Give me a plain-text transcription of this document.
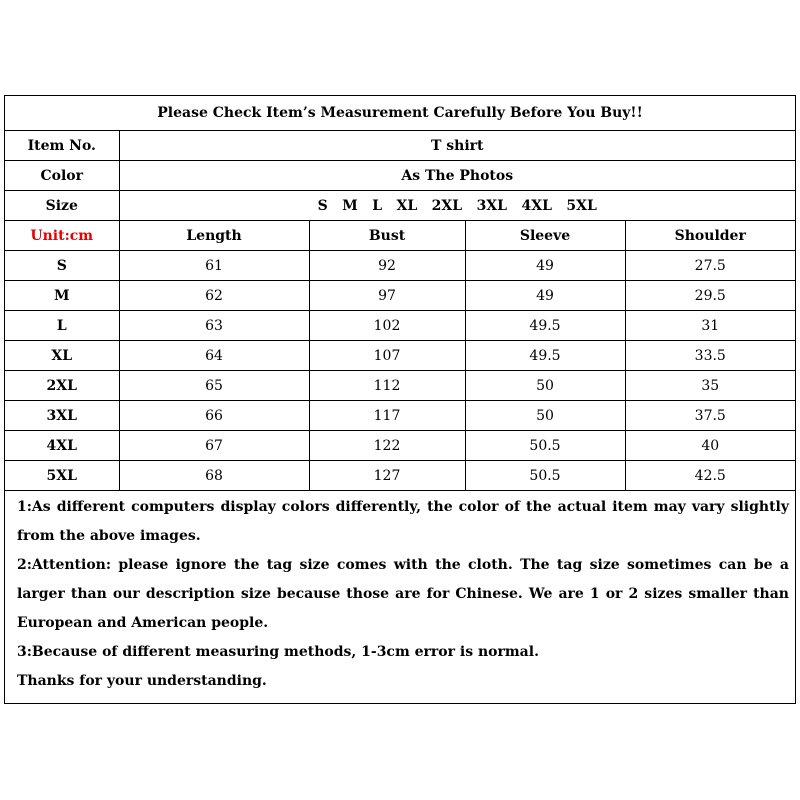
Please Check Item’s Measurement Carefully Before You Buy!!				
Item No.	T shirt			
Color	As The Photos			
Size	S M L XL 2XL 3XL 4XL 5XL			
Unit:cm	Length	Bust	Sleeve	Shoulder
S	61	92	49	27.5
M	62	97	49	29.5
L	63	102	49.5	31
XL	64	107	49.5	33.5
2XL	65	112	50	35
3XL	66	117	50	37.5
4XL	67	122	50.5	40
5XL	68	127	50.5	42.5

1:As different computers display colors differently, the color of the actual item may vary slightly from the above images.

2:Attention: please ignore the tag size comes with the cloth. The tag size sometimes can be a larger than our description size because those are for Chinese. We are 1 or 2 sizes smaller than European and American people.

3:Because of different measuring methods, 1-3cm error is normal.

Thanks for your understanding.
